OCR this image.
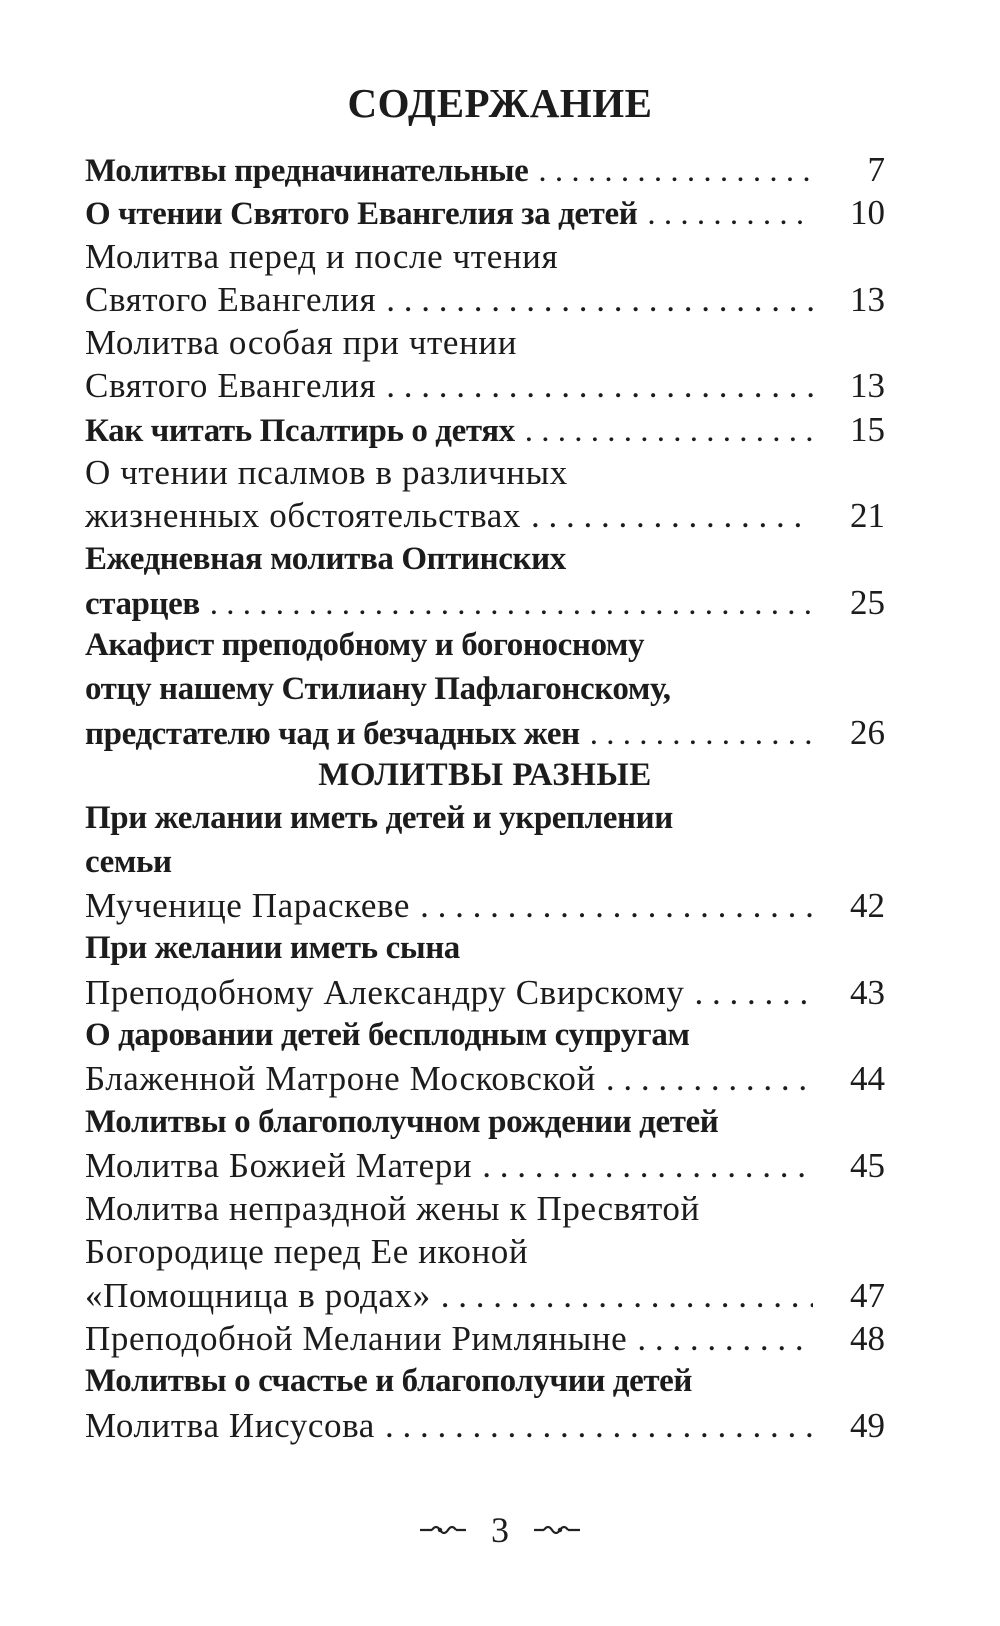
СОДЕРЖАНИЕ
Молитвы предначинательные . . .	7
О чтении Святого Евангелия за детей . . .	10
Молитва перед и после чтения
Святого Евангелия . . .	13
Молитва особая при чтении
Святого Евангелия . . .	13
Как читать Псалтирь о детях . . .	15
О чтении псалмов в различных
жизненных обстоятельствах . . .	21
Ежедневная молитва Оптинских
старцев . . .	25
Акафист преподобному и богоносному
отцу нашему Стилиану Пафлагонскому,
предстателю чад и безчадных жен . . .	26
МОЛИТВЫ РАЗНЫЕ
При желании иметь детей и укреплении
семьи
Мученице Параскеве . . .	42
При желании иметь сына
Преподобному Александру Свирскому . . .	43
О даровании детей бесплодным супругам
Блаженной Матроне Московской . . .	44
Молитвы о благополучном рождении детей
Молитва Божией Матери . . .	45
Молитва непраздной жены к Пресвятой
Богородице перед Ее иконой
«Помощница в родах» . . .	47
Преподобной Мелании Римляныне . . .	48
Молитвы о счастье и благополучии детей
Молитва Иисусова . . .	49
3
